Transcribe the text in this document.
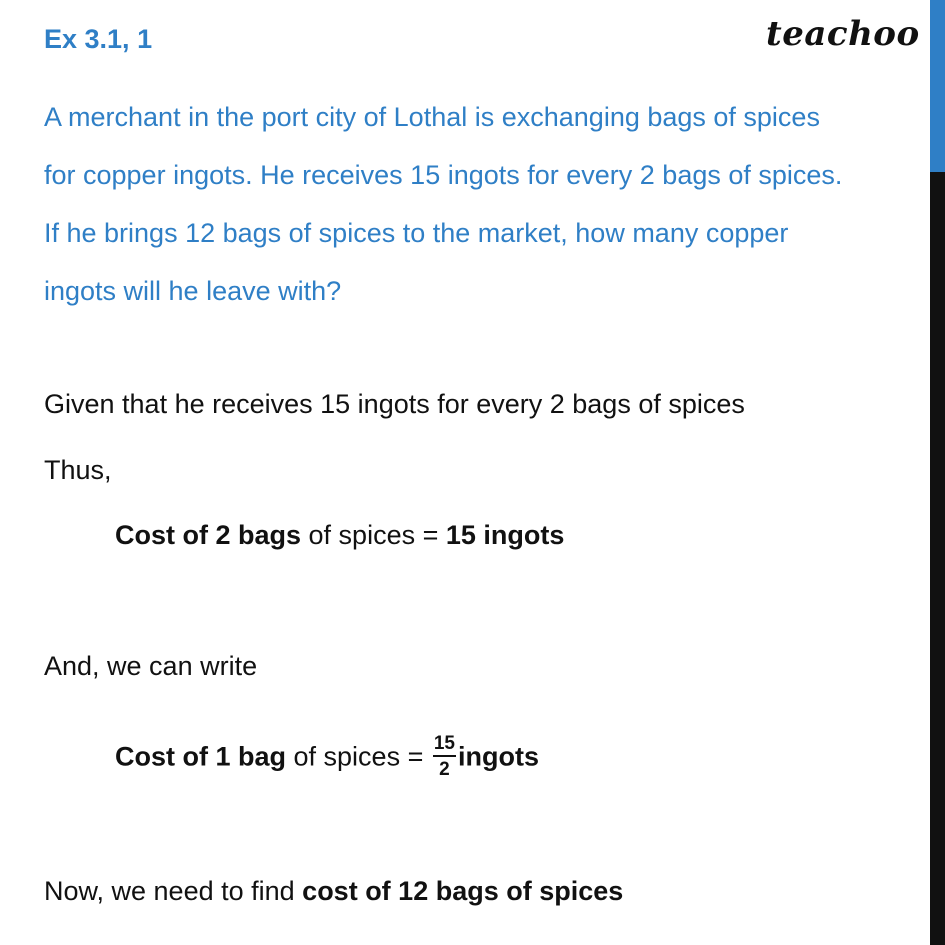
Ex 3.1, 1	teachoo
A merchant in the port city of Lothal is exchanging bags of spices
for copper ingots. He receives 15 ingots for every 2 bags of spices.
If he brings 12 bags of spices to the market, how many copper
ingots will he leave with?
Given that he receives 15 ingots for every 2 bags of spices
Thus,
Cost of 2 bags of spices = 15 ingots
And, we can write
Cost of 1 bag of spices = $\frac{15}{2}$ ingots
Now, we need to find cost of 12 bags of spices
